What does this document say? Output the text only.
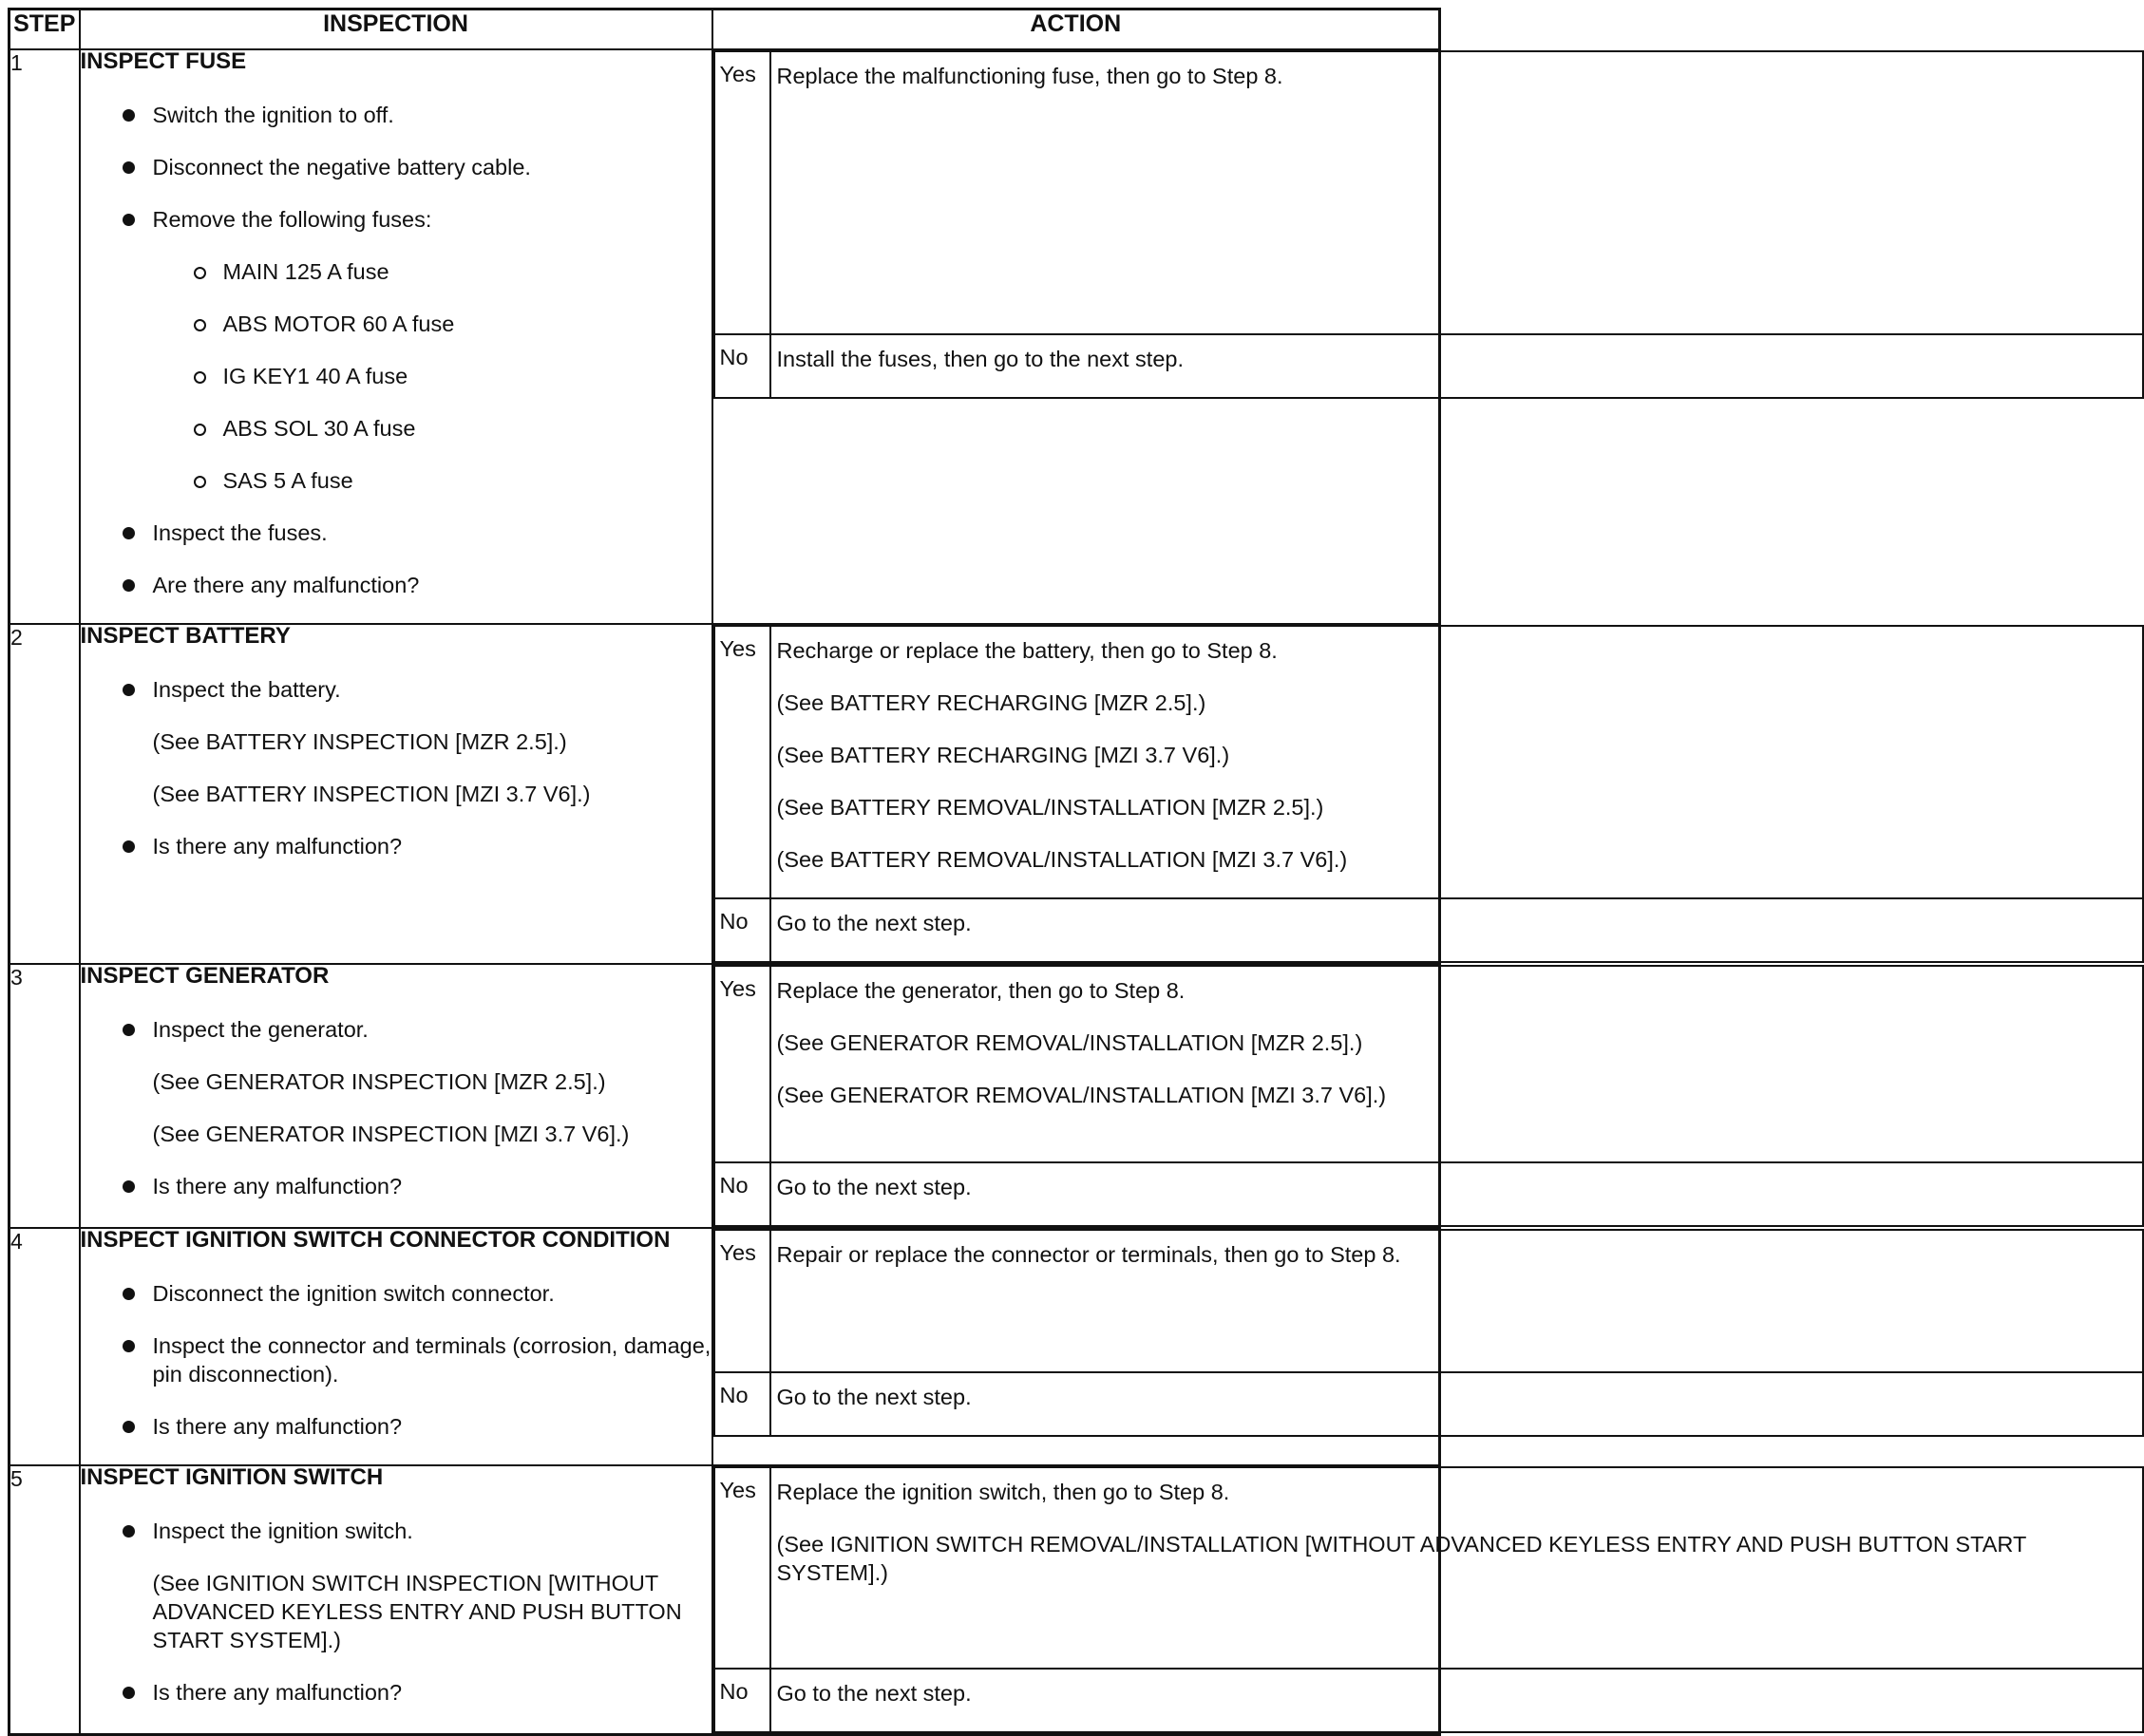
STEP	INSPECTION	ACTION
1	INSPECT FUSE
Switch the ignition to off.
Disconnect the negative battery cable.
Remove the following fuses:
MAIN 125 A fuse
ABS MOTOR 60 A fuse
IG KEY1 40 A fuse
ABS SOL 30 A fuse
SAS 5 A fuse
Inspect the fuses.
Are there any malfunction?

Yes	Replace the malfunctioning fuse, then go to Step 8.

No	Install the fuses, then go to the next step.

2	INSPECT BATTERY
Inspect the battery.
(See BATTERY INSPECTION [MZR 2.5].)
(See BATTERY INSPECTION [MZI 3.7 V6].)
Is there any malfunction?

Yes	Recharge or replace the battery, then go to Step 8.
(See BATTERY RECHARGING [MZR 2.5].)
(See BATTERY RECHARGING [MZI 3.7 V6].)
(See BATTERY REMOVAL/INSTALLATION [MZR 2.5].)
(See BATTERY REMOVAL/INSTALLATION [MZI 3.7 V6].)

No	Go to the next step.

3	INSPECT GENERATOR
Inspect the generator.
(See GENERATOR INSPECTION [MZR 2.5].)
(See GENERATOR INSPECTION [MZI 3.7 V6].)
Is there any malfunction?

Yes	Replace the generator, then go to Step 8.
(See GENERATOR REMOVAL/INSTALLATION [MZR 2.5].)
(See GENERATOR REMOVAL/INSTALLATION [MZI 3.7 V6].)

No	Go to the next step.

4	INSPECT IGNITION SWITCH CONNECTOR CONDITION
Disconnect the ignition switch connector.
Inspect the connector and terminals (corrosion, damage, pin disconnection).
Is there any malfunction?

Yes	Repair or replace the connector or terminals, then go to Step 8.

No	Go to the next step.

5	INSPECT IGNITION SWITCH
Inspect the ignition switch.
(See IGNITION SWITCH INSPECTION [WITHOUT ADVANCED KEYLESS ENTRY AND PUSH BUTTON START SYSTEM].)
Is there any malfunction?

Yes	Replace the ignition switch, then go to Step 8.
(See IGNITION SWITCH REMOVAL/INSTALLATION [WITHOUT ADVANCED KEYLESS ENTRY AND PUSH BUTTON START SYSTEM].)

No	Go to the next step.
